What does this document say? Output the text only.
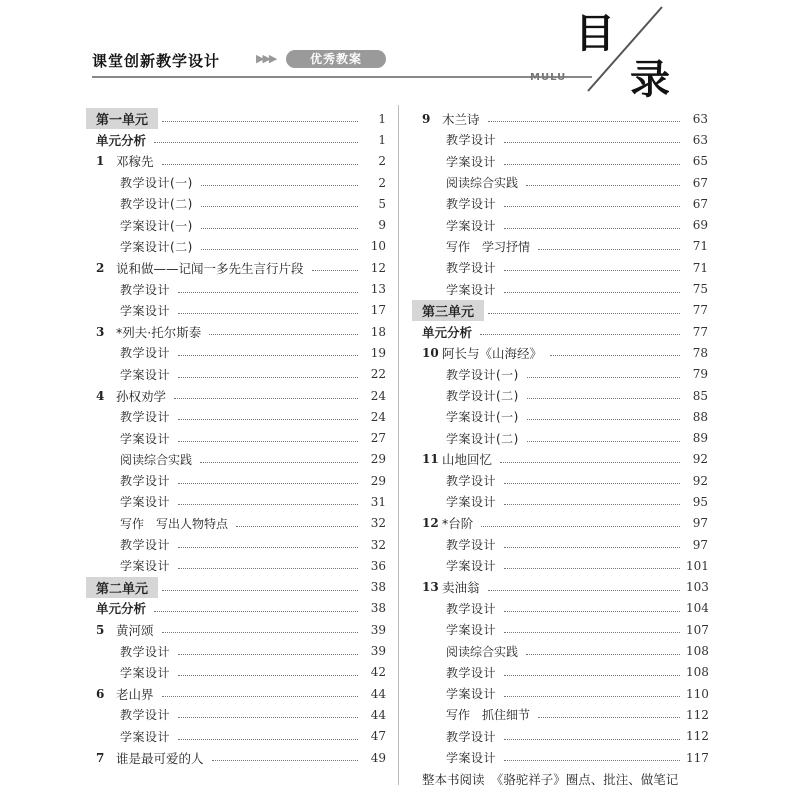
课堂创新教学设计	▶▶▶	优秀教案
目
录
MULU
第一单元	1
单元分析	1
1 邓稼先	2
教学设计(一)	2
教学设计(二)	5
学案设计(一)	9
学案设计(二)	10
2 说和做——记闻一多先生言行片段	12
教学设计	13
学案设计	17
3 *列夫·托尔斯泰	18
教学设计	19
学案设计	22
4 孙权劝学	24
教学设计	24
学案设计	27
阅读综合实践	29
教学设计	29
学案设计	31
写作　写出人物特点	32
教学设计	32
学案设计	36
第二单元	38
单元分析	38
5 黄河颂	39
教学设计	39
学案设计	42
6 老山界	44
教学设计	44
学案设计	47
7 谁是最可爱的人	49
9 木兰诗	63
教学设计	63
学案设计	65
阅读综合实践	67
教学设计	67
学案设计	69
写作　学习抒情	71
教学设计	71
学案设计	75
第三单元	77
单元分析	77
10 阿长与《山海经》	78
教学设计(一)	79
教学设计(二)	85
学案设计(一)	88
学案设计(二)	89
11 山地回忆	92
教学设计	92
学案设计	95
12 *台阶	97
教学设计	97
学案设计	101
13 卖油翁	103
教学设计	104
学案设计	107
阅读综合实践	108
教学设计	108
学案设计	110
写作　抓住细节	112
教学设计	112
学案设计	117
整本书阅读　《骆驼祥子》圈点、批注、做笔记
